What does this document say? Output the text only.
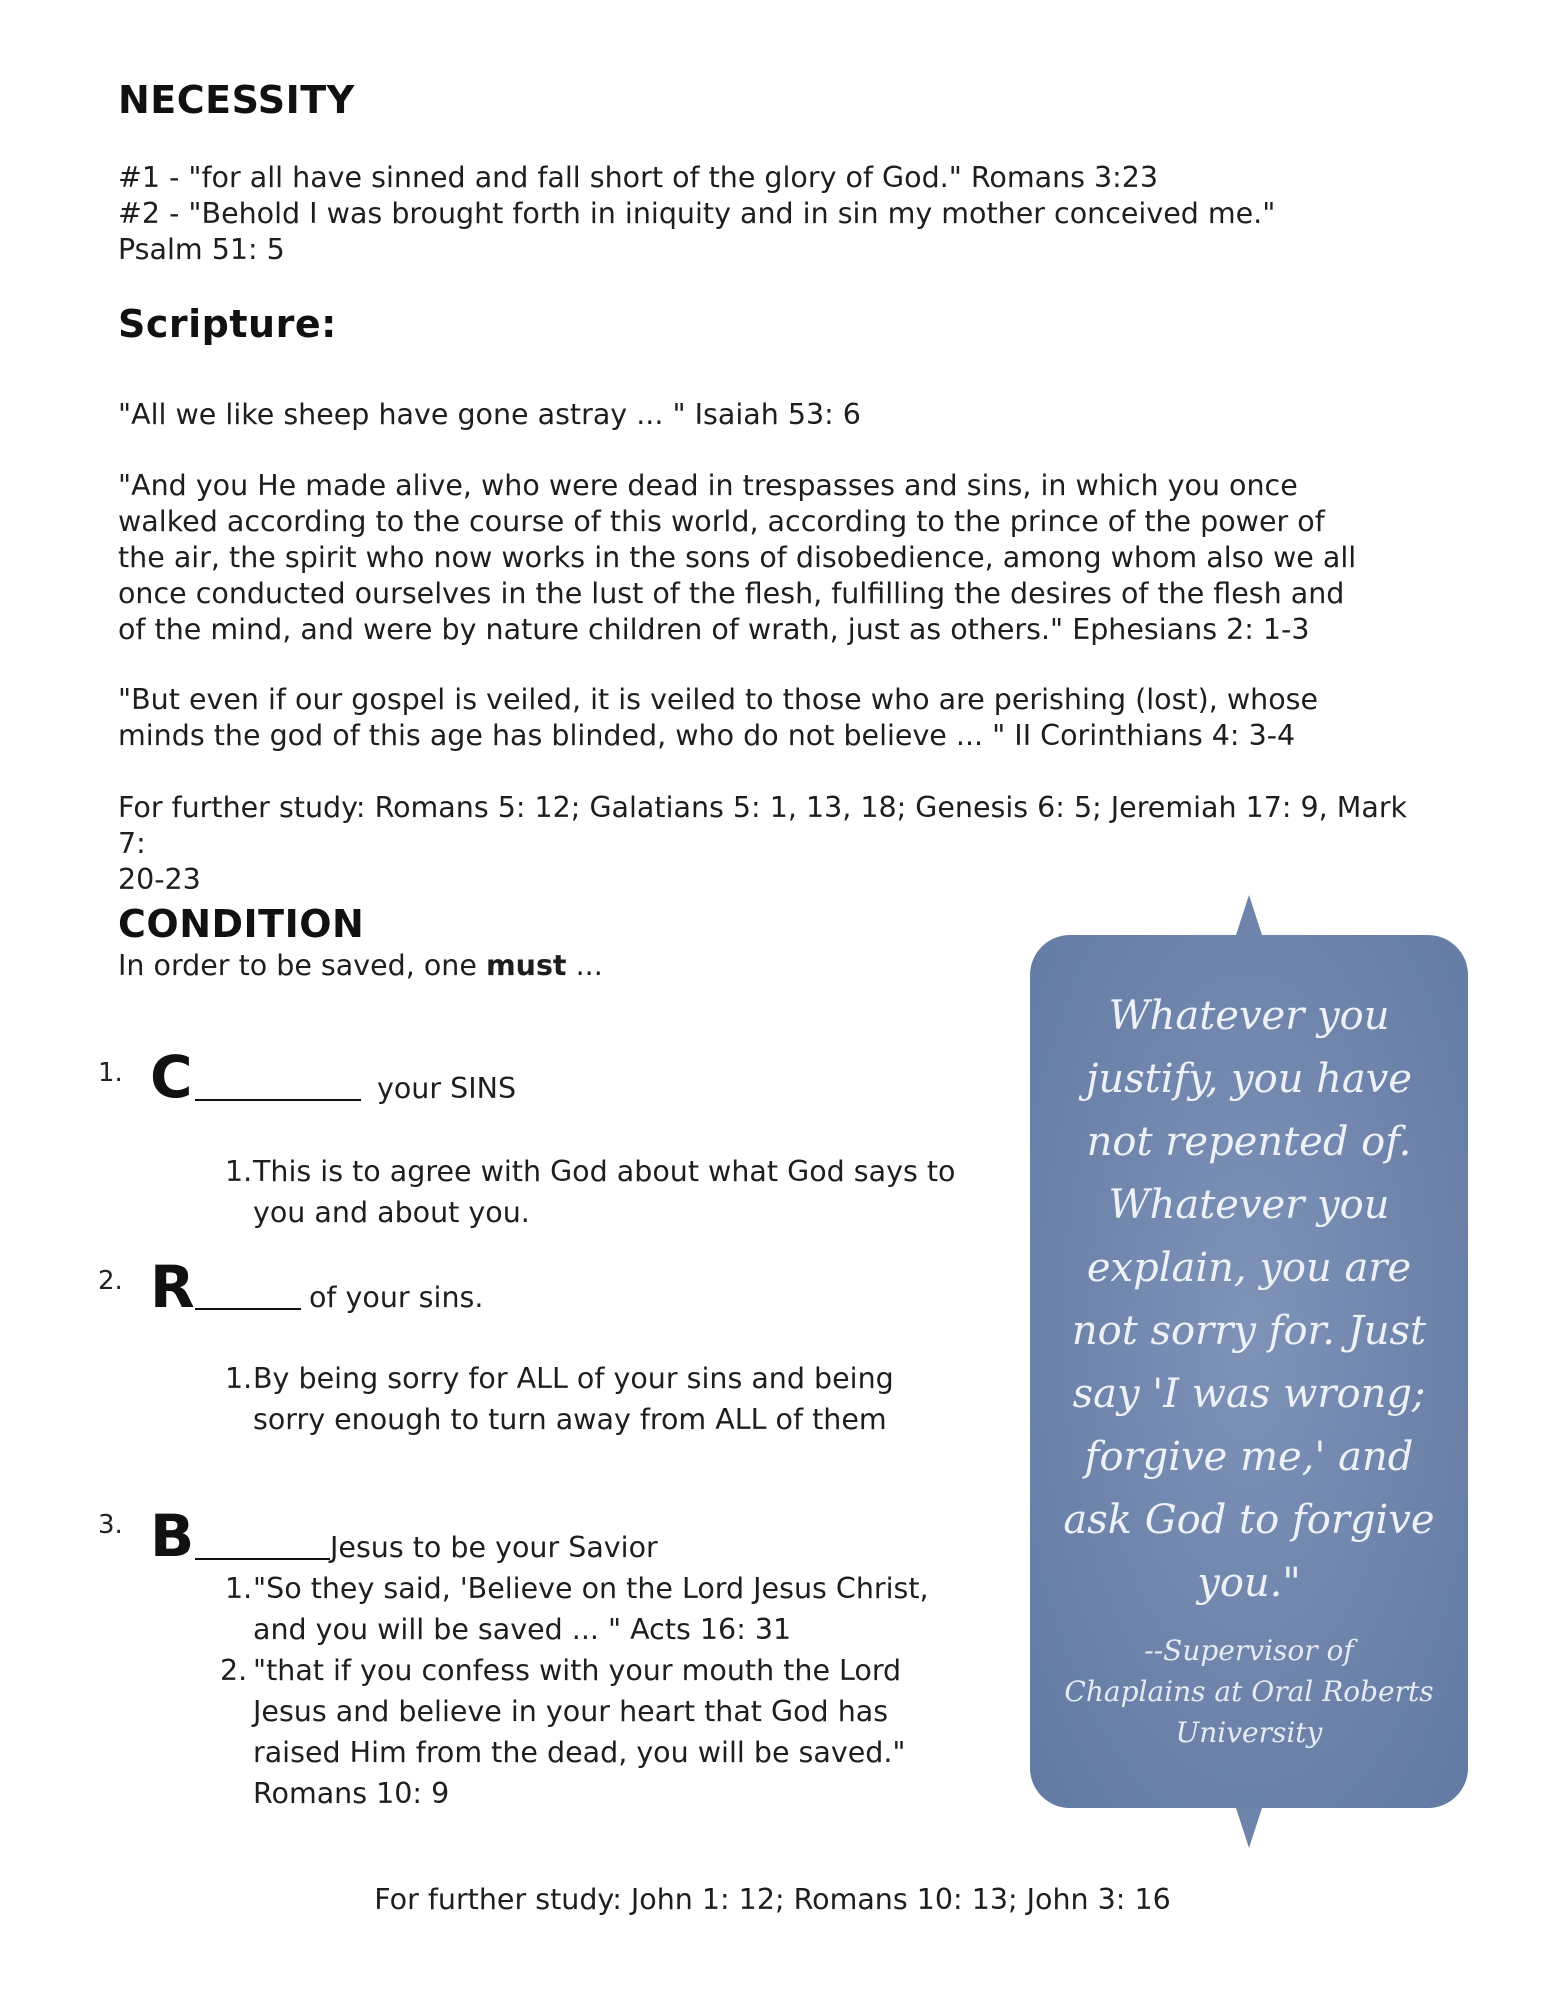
NECESSITY
#1 - "for all have sinned and fall short of the glory of God." Romans 3:23
#2 - "Behold I was brought forth in iniquity and in sin my mother conceived me."
Psalm 51: 5
Scripture:
"All we like sheep have gone astray ... " Isaiah 53: 6
"And you He made alive, who were dead in trespasses and sins, in which you once
walked according to the course of this world, according to the prince of the power of
the air, the spirit who now works in the sons of disobedience, among whom also we all
once conducted ourselves in the lust of the flesh, fulfilling the desires of the flesh and
of the mind, and were by nature children of wrath, just as others." Ephesians 2: 1-3
"But even if our gospel is veiled, it is veiled to those who are perishing (lost), whose
minds the god of this age has blinded, who do not believe ... " II Corinthians 4: 3-4
For further study: Romans 5: 12; Galatians 5: 1, 13, 18; Genesis 6: 5; Jeremiah 17: 9, Mark 7:
20-23
CONDITION
In order to be saved, one must ...
1. C	your SINS
1.This is to agree with God about what God says to
you and about you.
2. R	of your sins.
1.By being sorry for ALL of your sins and being
sorry enough to turn away from ALL of them
3. B	Jesus to be your Savior
1."So they said, 'Believe on the Lord Jesus Christ,
and you will be saved ... " Acts 16: 31
2. "that if you confess with your mouth the Lord
Jesus and believe in your heart that God has
raised Him from the dead, you will be saved."
Romans 10: 9
Whatever you
justify, you have
not repented of.
Whatever you
explain, you are
not sorry for. Just
say 'I was wrong;
forgive me,' and
ask God to forgive
you."
--Supervisor of
Chaplains at Oral Roberts
University
For further study: John 1: 12; Romans 10: 13; John 3: 16
